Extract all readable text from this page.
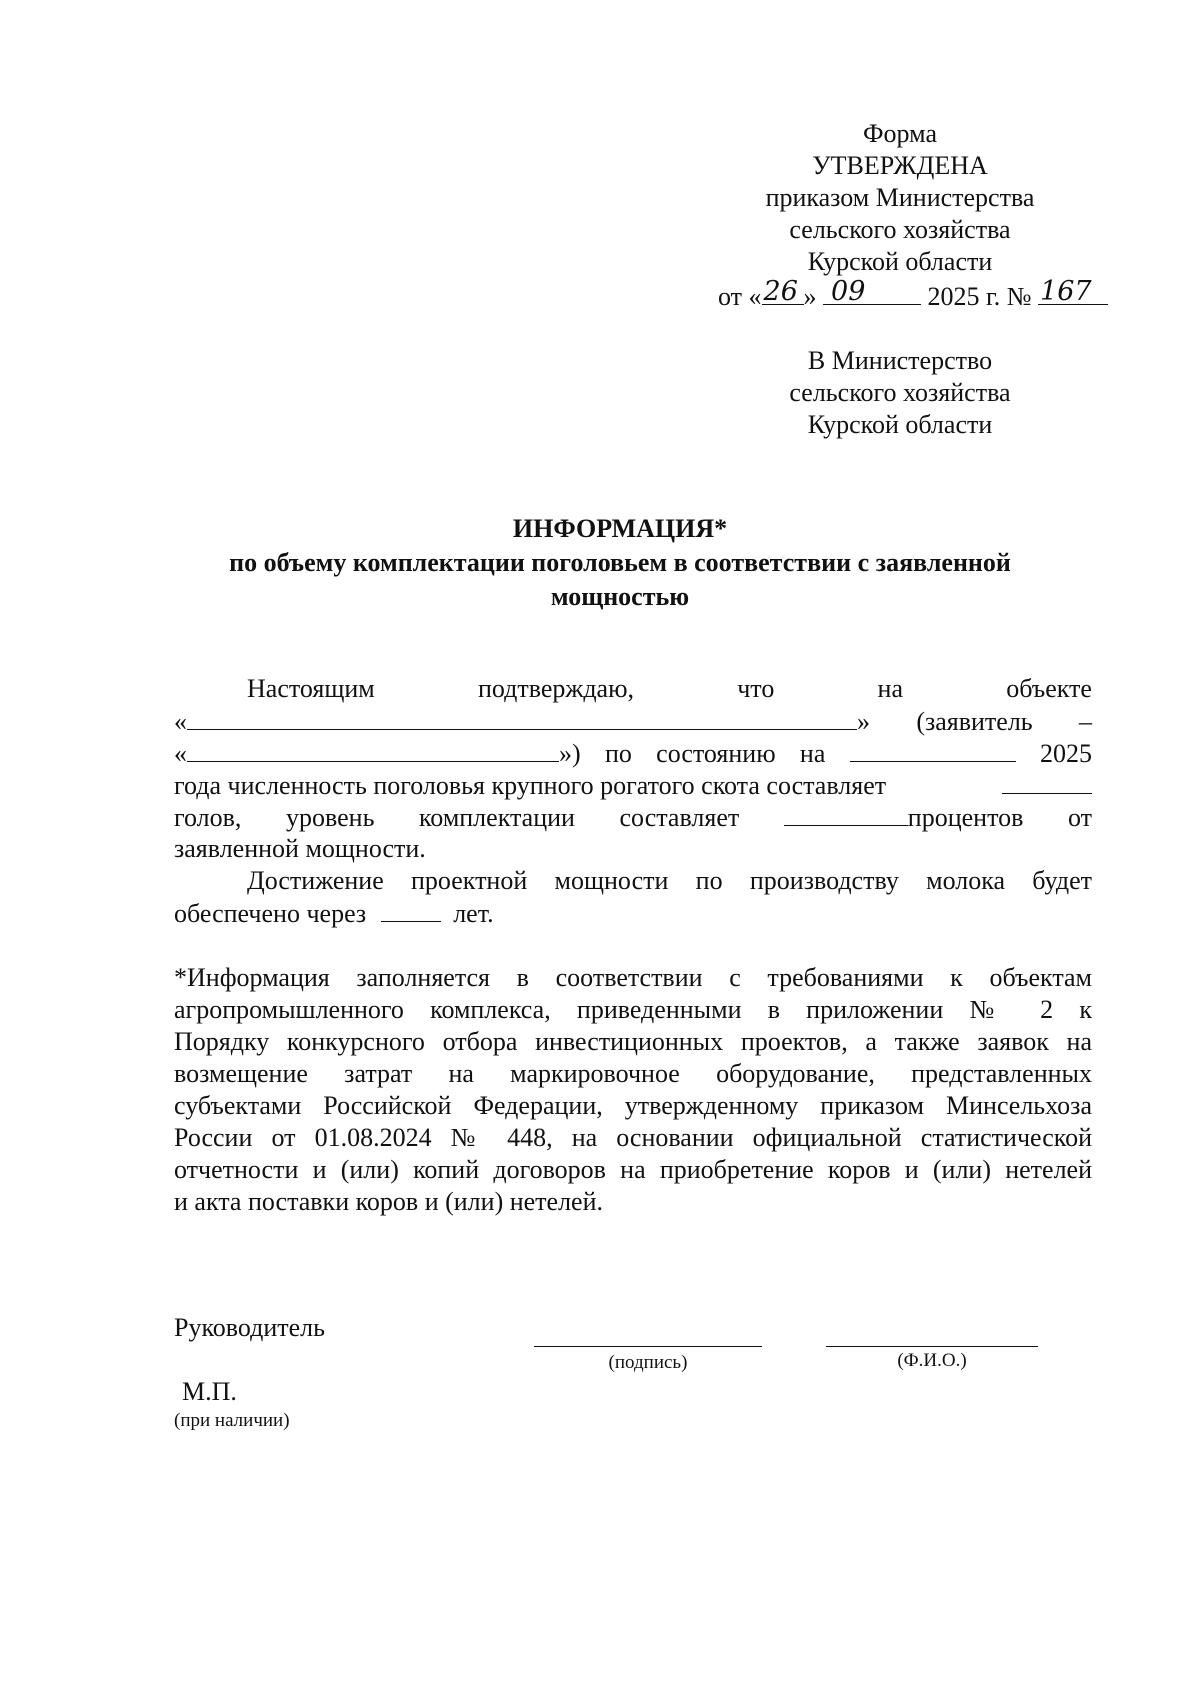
Форма
УТВЕРЖДЕНА
приказом Министерства
сельского хозяйства
Курской области
от « 26 » 09 2025 г. № 167
В Министерство
сельского хозяйства
Курской области
ИНФОРМАЦИЯ*
по объему комплектации поголовьем в соответствии с заявленной
мощностью
Настоящим	подтверждаю,	что	на	объекте
«	» (заявитель –
«	») по состоянию на	2025
года численность поголовья крупного рогатого скота составляет
голов, уровень комплектации составляет	процентов от
заявленной мощности.
Достижение проектной мощности по производству молока будет
обеспечено через	лет.
*Информация заполняется в соответствии с требованиями к объектам
агропромышленного комплекса, приведенными в приложении № 2 к
Порядку конкурсного отбора инвестиционных проектов, а также заявок на
возмещение затрат на маркировочное оборудование, представленных
субъектами Российской Федерации, утвержденному приказом Минсельхоза
России от 01.08.2024 № 448, на основании официальной статистической
отчетности и (или) копий договоров на приобретение коров и (или) нетелей
и акта поставки коров и (или) нетелей.
Руководитель
(подпись)	(Ф.И.О.)
М.П.
(при наличии)
